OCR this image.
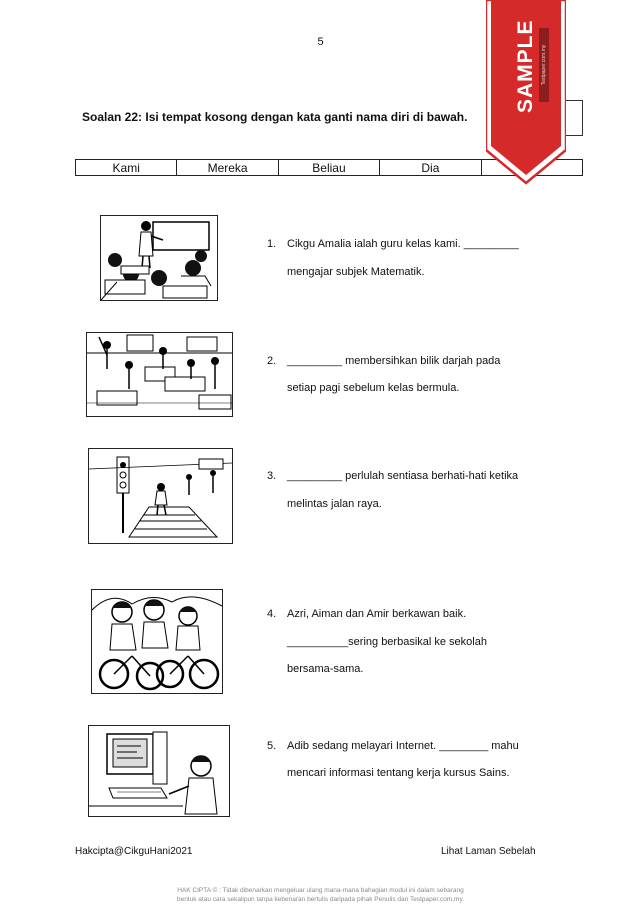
5
Soalan 22: Isi tempat kosong dengan kata ganti nama diri di bawah.
Kami	Mereka	Beliau	Dia	
1. Cikgu Amalia ialah guru kelas kami. _________
mengajar subjek Matematik.
2. _________ membersihkan bilik darjah pada
setiap pagi sebelum kelas bermula.
3. _________ perlulah sentiasa berhati-hati ketika
melintas jalan raya.
4. Azri, Aiman dan Amir berkawan baik.
__________sering berbasikal ke sekolah
bersama-sama.
5. Adib sedang melayari Internet. ________ mahu
mencari informasi tentang kerja kursus Sains.
Hakcipta@CikguHani2021	Lihat Laman Sebelah
HAK CIPTA © : Tidak dibenarkan mengeluar ulang mana-mana bahagian modul ini dalam sebarang
bentuk atau cara sekalipun tanpa kebenaran bertulis daripada pihak Penulis dan Testpaper.com.my.
SAMPLE Testpaper.com.my
